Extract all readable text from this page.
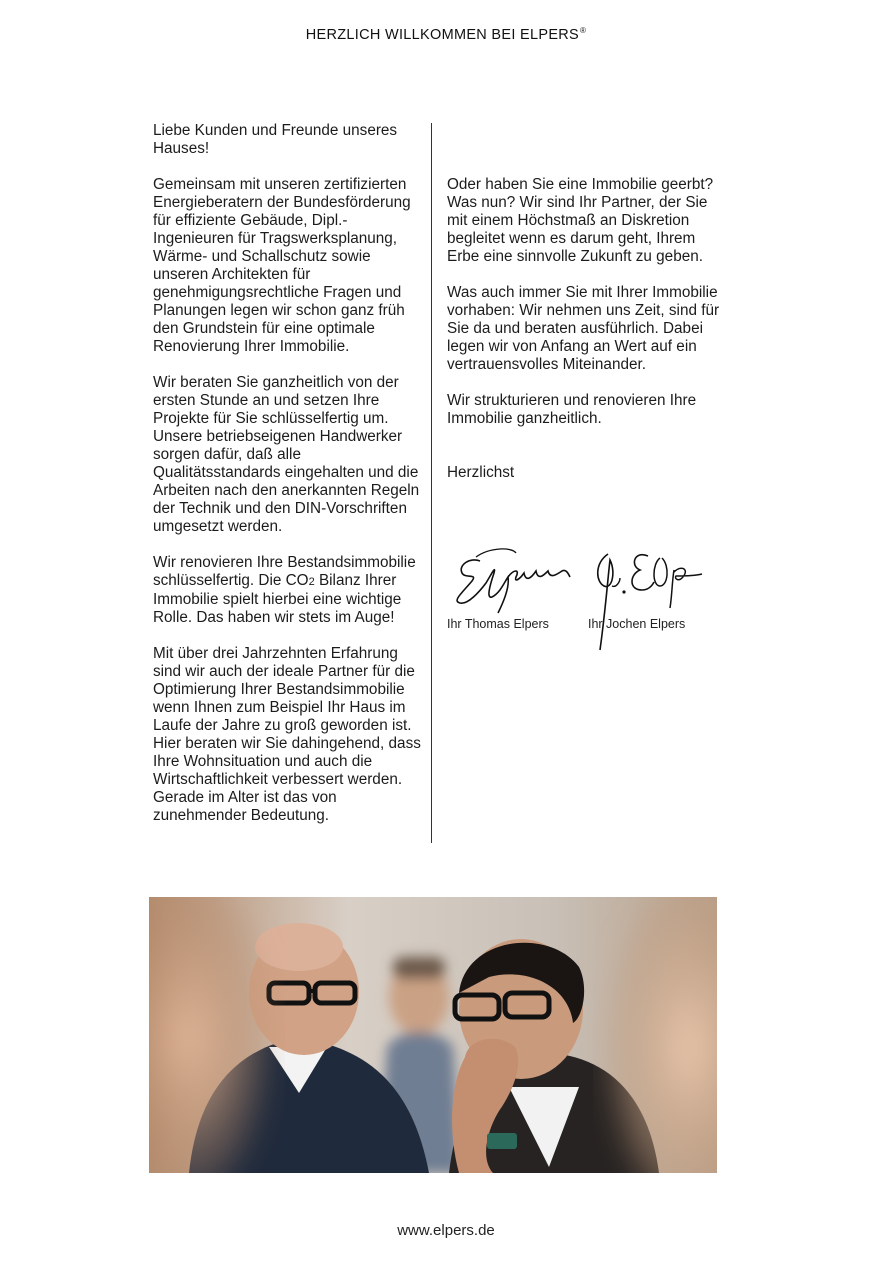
HERZLICH WILLKOMMEN BEI ELPERS®

Liebe Kunden und Freunde unseres Hauses!

Gemeinsam mit unseren zertifizierten Energieberatern der Bundesförderung für effiziente Gebäude, Dipl.-Ingenieuren für Tragswerksplanung, Wärme- und Schallschutz sowie unseren Architekten für genehmigungsrechtliche Fragen und Planungen legen wir schon ganz früh den Grundstein für eine optimale Renovierung Ihrer Immobilie.

Wir beraten Sie ganzheitlich von der ersten Stunde an und setzen Ihre Projekte für Sie schlüsselfertig um. Unsere betriebseigenen Handwerker sorgen dafür, daß alle Qualitätsstandards eingehalten und die Arbeiten nach den anerkannten Regeln der Technik und den DIN-Vorschriften umgesetzt werden.

Wir renovieren Ihre Bestandsimmobilie schlüsselfertig. Die CO2 Bilanz Ihrer Immobilie spielt hierbei eine wichtige Rolle. Das haben wir stets im Auge!

Mit über drei Jahrzehnten Erfahrung sind wir auch der ideale Partner für die Optimierung Ihrer Bestandsimmobilie wenn Ihnen zum Beispiel Ihr Haus im Laufe der Jahre zu groß geworden ist. Hier beraten wir Sie dahingehend, dass Ihre Wohnsituation und auch die Wirtschaftlichkeit verbessert werden. Gerade im Alter ist das von zunehmender Bedeutung.

Oder haben Sie eine Immobilie geerbt? Was nun? Wir sind Ihr Partner, der Sie mit einem Höchstmaß an Diskretion begleitet wenn es darum geht, Ihrem Erbe eine sinnvolle Zukunft zu geben.

Was auch immer Sie mit Ihrer Immobilie vorhaben: Wir nehmen uns Zeit, sind für Sie da und beraten ausführlich. Dabei legen wir von Anfang an Wert auf ein vertrauensvolles Miteinander.

Wir strukturieren und renovieren Ihre Immobilie ganzheitlich.

Herzlichst

Ihr Thomas Elpers	Ihr Jochen Elpers
www.elpers.de
